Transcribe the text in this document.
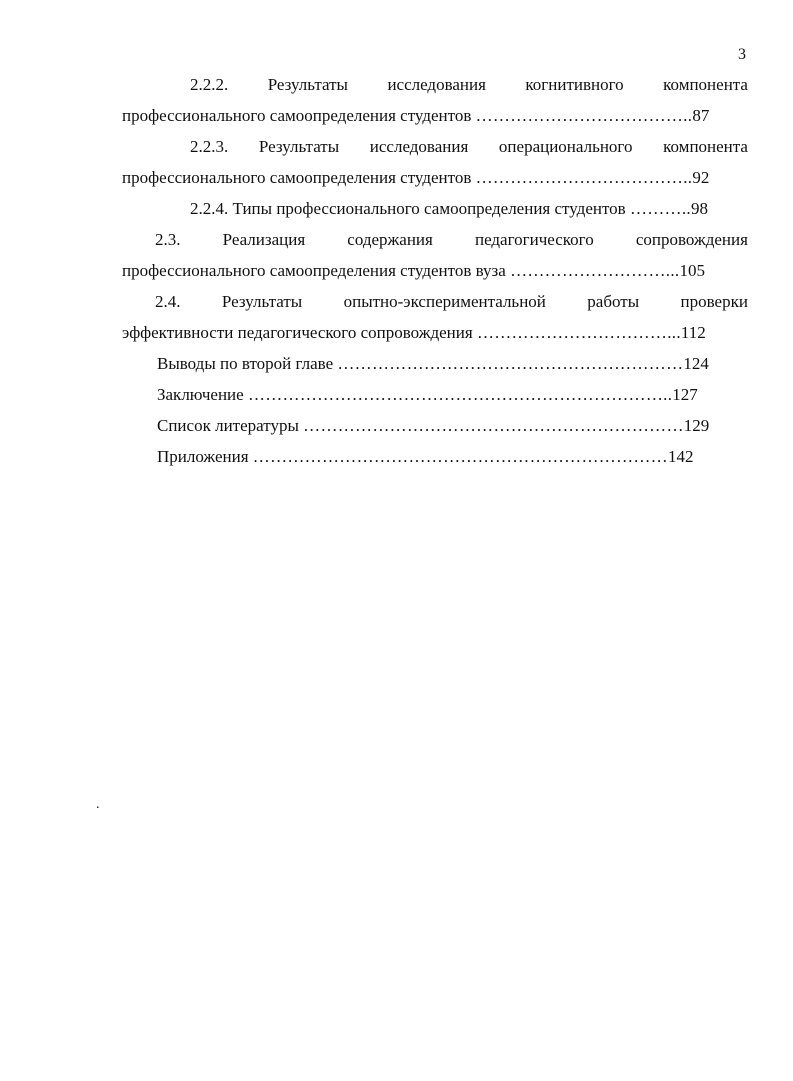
3
2.2.2. Результаты исследования когнитивного компонента
профессионального самоопределения студентов ………………………………..87
2.2.3. Результаты исследования операционального компонента
профессионального самоопределения студентов ………………………………..92
2.2.4. Типы профессионального самоопределения студентов ………..98
2.3. Реализация содержания педагогического сопровождения
профессионального самоопределения студентов вуза ………………………...105
2.4. Результаты опытно-экспериментальной работы проверки
эффективности педагогического сопровождения ……………………………...112
Выводы по второй главе ……………………………………………………124
Заключение ………………………………………………………………..127
Список литературы …………………………………………………………129
Приложения ………………………………………………………………142
.
